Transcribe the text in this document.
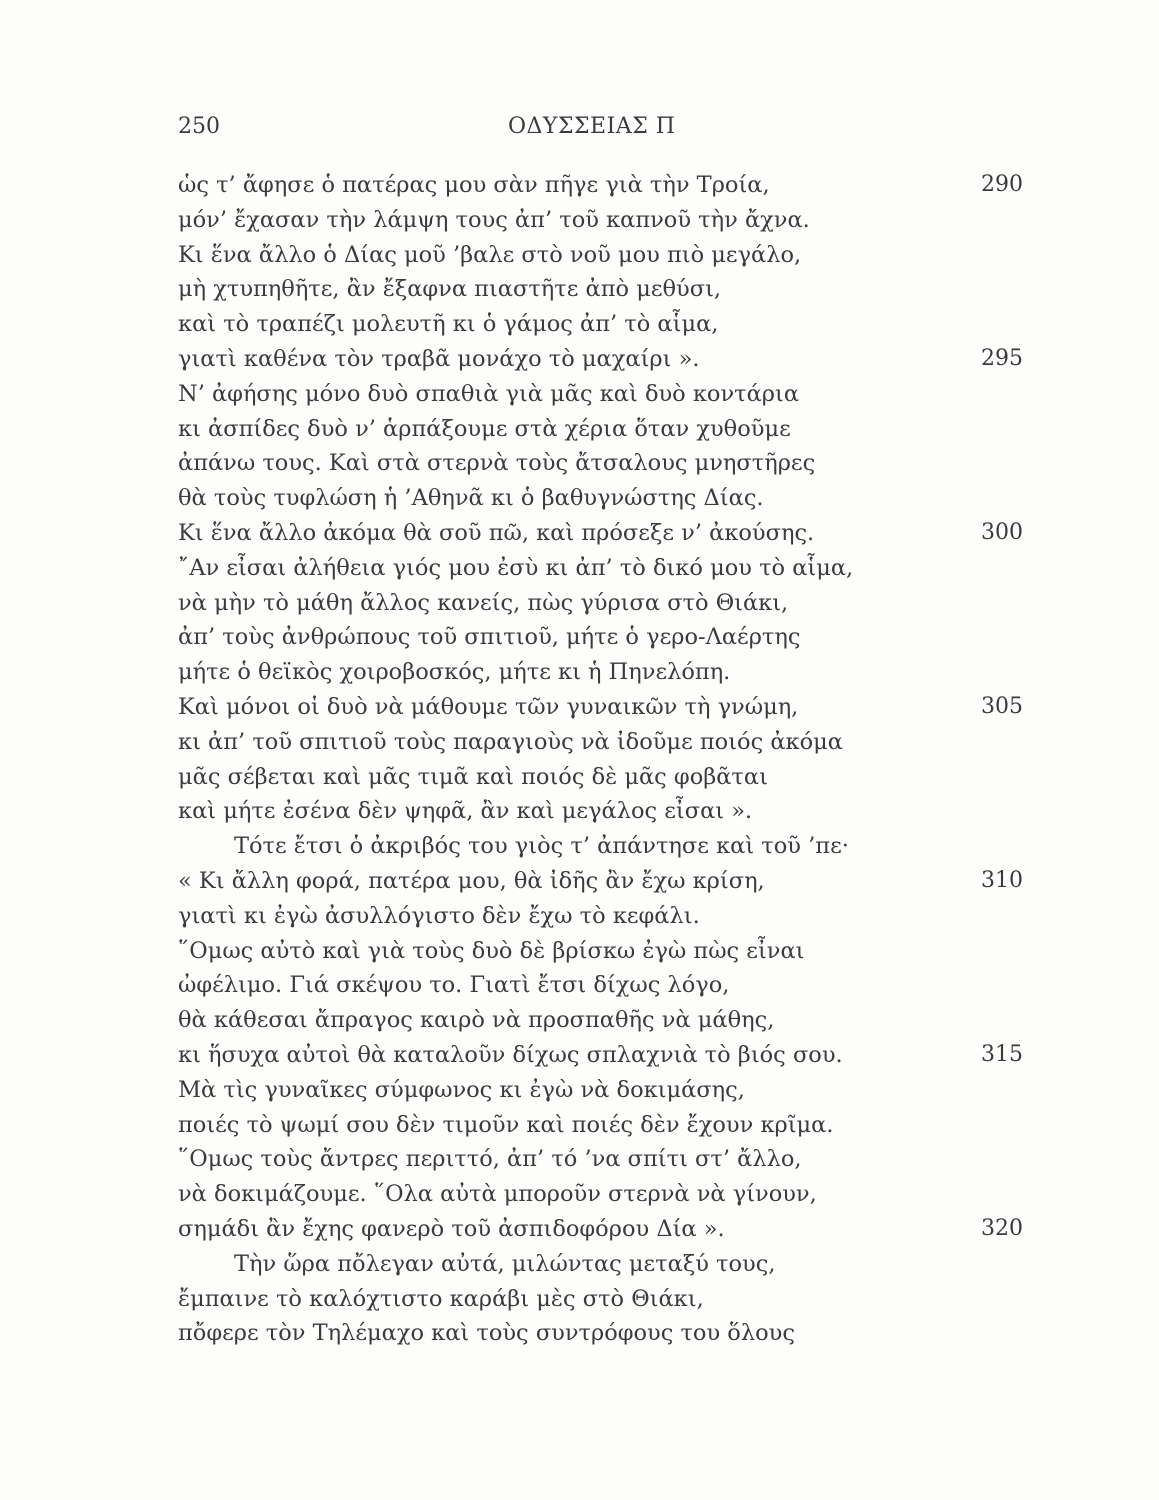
250	ΟΔΥΣΣΕΙΑΣ Π
ὡς τ’ ἄφησε ὁ πατέρας μου σὰν πῆγε γιὰ τὴν Τροία,	290
μόν’ ἔχασαν τὴν λάμψη τους ἀπ’ τοῦ καπνοῦ τὴν ἄχνα.
Κι ἕνα ἄλλο ὁ Δίας μοῦ ’βαλε στὸ νοῦ μου πιὸ μεγάλο,
μὴ χτυπηθῆτε, ἂν ἔξαφνα πιαστῆτε ἀπὸ μεθύσι,
καὶ τὸ τραπέζι μολευτῆ κι ὁ γάμος ἀπ’ τὸ αἷμα,
γιατὶ καθένα τὸν τραβᾶ μονάχο τὸ μαχαίρι ».	295
Ν’ ἀφήσης μόνο δυὸ σπαθιὰ γιὰ μᾶς καὶ δυὸ κοντάρια
κι ἀσπίδες δυὸ ν’ ἁρπάξουμε στὰ χέρια ὅταν χυθοῦμε
ἀπάνω τους. Καὶ στὰ στερνὰ τοὺς ἄτσαλους μνηστῆρες
θὰ τοὺς τυφλώση ἡ ’Αθηνᾶ κι ὁ βαθυγνώστης Δίας.
Κι ἕνα ἄλλο ἀκόμα θὰ σοῦ πῶ, καὶ πρόσεξε ν’ ἀκούσης.	300
῎Αν εἶσαι ἀλήθεια γιός μου ἐσὺ κι ἀπ’ τὸ δικό μου τὸ αἷμα,
νὰ μὴν τὸ μάθη ἄλλος κανείς, πὼς γύρισα στὸ Θιάκι,
ἀπ’ τοὺς ἀνθρώπους τοῦ σπιτιοῦ, μήτε ὁ γερο-Λαέρτης
μήτε ὁ θεϊκὸς χοιροβοσκός, μήτε κι ἡ Πηνελόπη.
Καὶ μόνοι οἱ δυὸ νὰ μάθουμε τῶν γυναικῶν τὴ γνώμη,	305
κι ἀπ’ τοῦ σπιτιοῦ τοὺς παραγιοὺς νὰ ἰδοῦμε ποιός ἀκόμα
μᾶς σέβεται καὶ μᾶς τιμᾶ καὶ ποιός δὲ μᾶς φοβᾶται
καὶ μήτε ἐσένα δὲν ψηφᾶ, ἂν καὶ μεγάλος εἶσαι ».
Τότε ἔτσι ὁ ἀκριβός του γιὸς τ’ ἀπάντησε καὶ τοῦ ’πε·
« Κι ἄλλη φορά, πατέρα μου, θὰ ἰδῆς ἂν ἔχω κρίση,	310
γιατὶ κι ἐγὼ ἀσυλλόγιστο δὲν ἔχω τὸ κεφάλι.
῞Ομως αὐτὸ καὶ γιὰ τοὺς δυὸ δὲ βρίσκω ἐγὼ πὼς εἶναι
ὠφέλιμο. Γιά σκέψου το. Γιατὶ ἔτσι δίχως λόγο,
θὰ κάθεσαι ἄπραγος καιρὸ νὰ προσπαθῆς νὰ μάθης,
κι ἥσυχα αὐτοὶ θὰ καταλοῦν δίχως σπλαχνιὰ τὸ βιός σου.	315
Μὰ τὶς γυναῖκες σύμφωνος κι ἐγὼ νὰ δοκιμάσης,
ποιές τὸ ψωμί σου δὲν τιμοῦν καὶ ποιές δὲν ἔχουν κρῖμα.
῞Ομως τοὺς ἄντρες περιττό, ἀπ’ τό ’να σπίτι στ’ ἄλλο,
νὰ δοκιμάζουμε. ῞Ολα αὐτὰ μποροῦν στερνὰ νὰ γίνουν,
σημάδι ἂν ἔχης φανερὸ τοῦ ἀσπιδοφόρου Δία ».	320
Τὴν ὥρα πὄλεγαν αὐτά, μιλώντας μεταξύ τους,
ἔμπαινε τὸ καλόχτιστο καράβι μὲς στὸ Θιάκι,
πὄφερε τὸν Τηλέμαχο καὶ τοὺς συντρόφους του ὅλους
